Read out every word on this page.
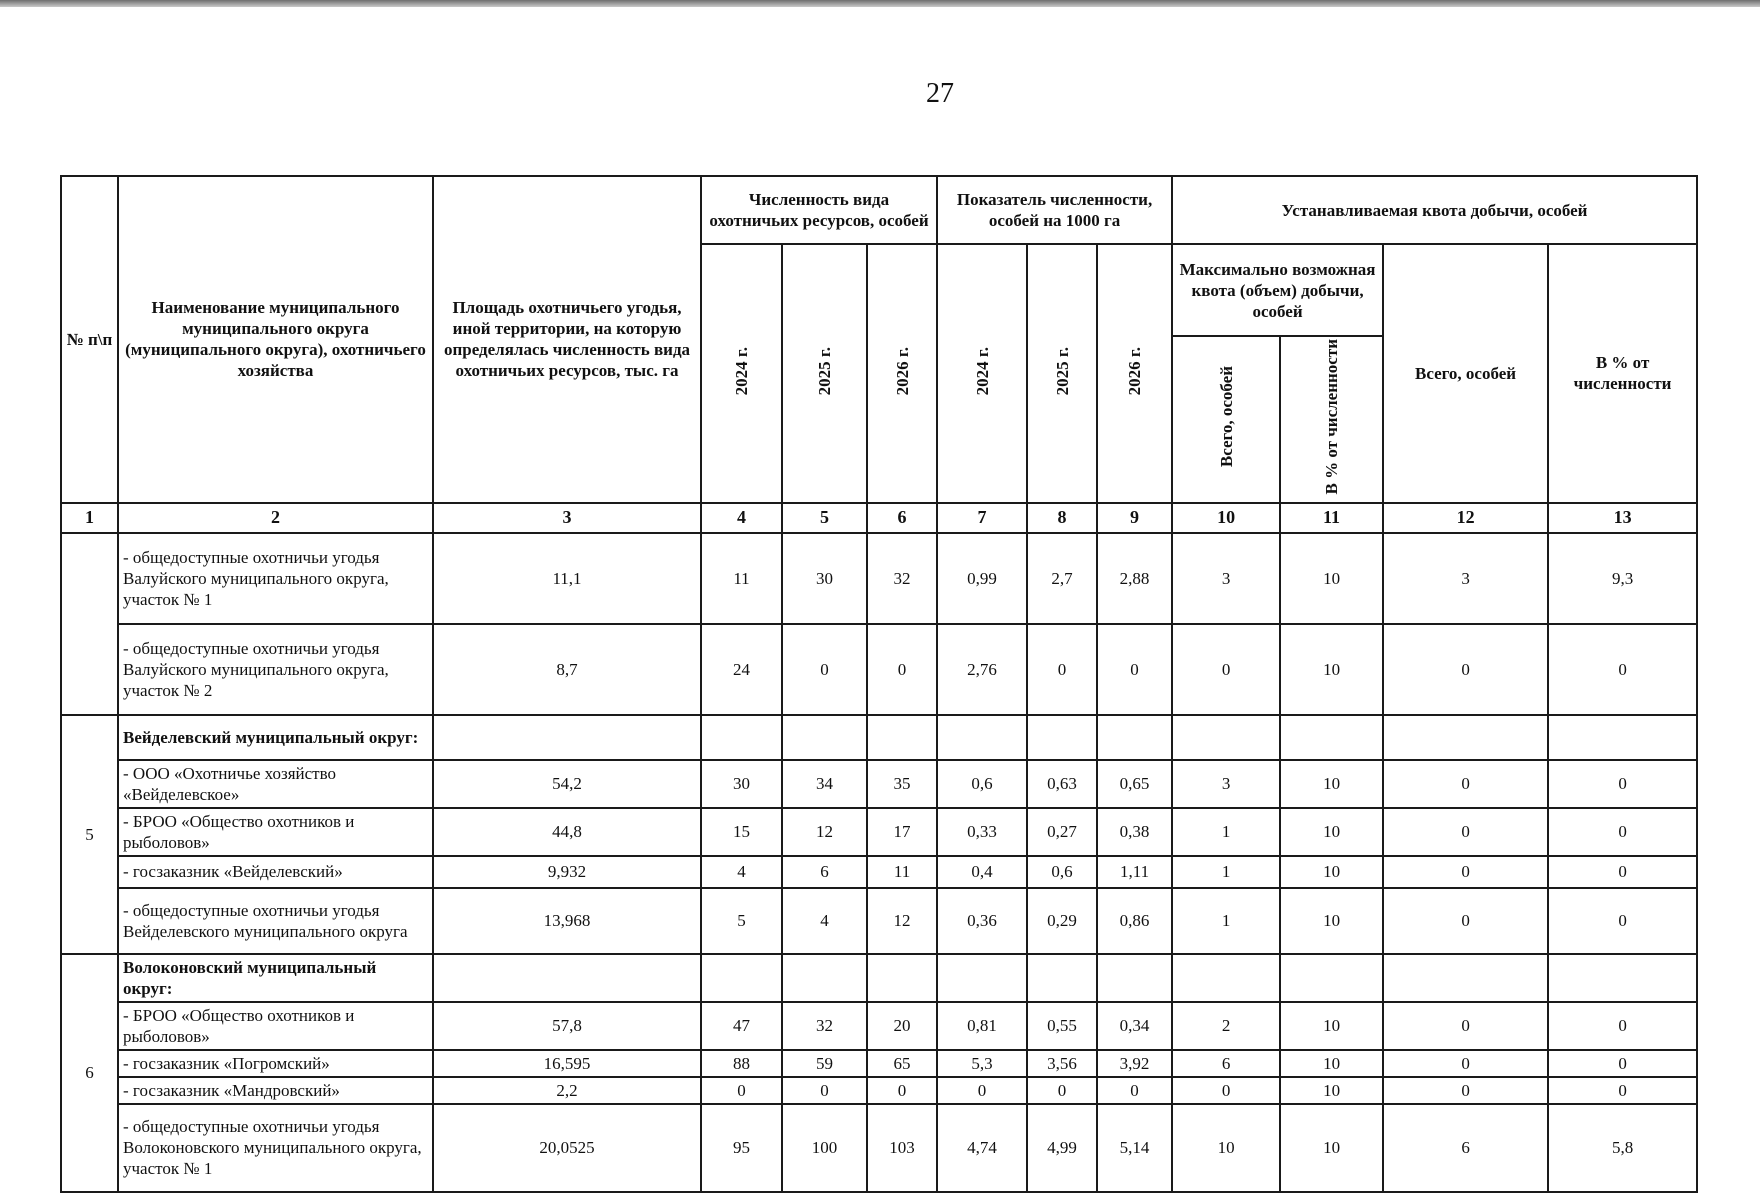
27
№ п\п	Наименование муниципального муниципального округа (муниципального округа), охотничьего хозяйства	Площадь охотничьего угодья, иной территории, на которую определялась численность вида охотничьих ресурсов, тыс. га	Численность вида охотничьих ресурсов, особей			Показатель численности, особей на 1000 га			Устанавливаемая квота добычи, особей			
			2024 г.	2025 г.	2026 г.	2024 г.	2025 г.	2026 г.	Максимально возможная квота (объем) добычи, особей		Всего, особей	В % от численности
									Всего, особей	В % от численности		
1	2	3	4	5	6	7	8	9	10	11	12	13
	- общедоступные охотничьи угодья Валуйского муниципального округа, участок № 1	11,1	11	30	32	0,99	2,7	2,88	3	10	3	9,3
	- общедоступные охотничьи угодья Валуйского муниципального округа, участок № 2	8,7	24	0	0	2,76	0	0	0	10	0	0
5	Вейделевский муниципальный округ:											
	- ООО «Охотничье хозяйство «Вейделевское»	54,2	30	34	35	0,6	0,63	0,65	3	10	0	0
	- БРОО «Общество охотников и рыболовов»	44,8	15	12	17	0,33	0,27	0,38	1	10	0	0
	- госзаказник «Вейделевский»	9,932	4	6	11	0,4	0,6	1,11	1	10	0	0
	- общедоступные охотничьи угодья Вейделевского муниципального округа	13,968	5	4	12	0,36	0,29	0,86	1	10	0	0
6	Волоконовский муниципальный округ:											
	- БРОО «Общество охотников и рыболовов»	57,8	47	32	20	0,81	0,55	0,34	2	10	0	0
	- госзаказник «Погромский»	16,595	88	59	65	5,3	3,56	3,92	6	10	0	0
	- госзаказник «Мандровский»	2,2	0	0	0	0	0	0	0	10	0	0
	- общедоступные охотничьи угодья Волоконовского муниципального округа, участок № 1	20,0525	95	100	103	4,74	4,99	5,14	10	10	6	5,8
